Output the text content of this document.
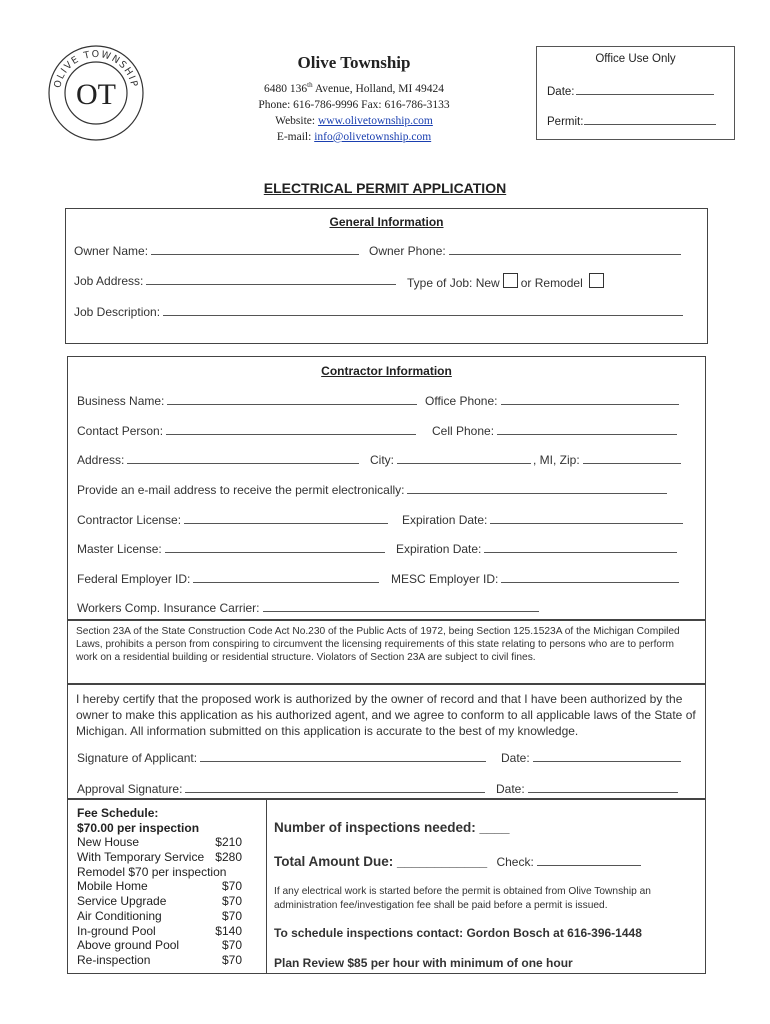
OLIVE TOWNSHIP
OT
Olive Township
6480 136th Avenue, Holland, MI 49424
Phone: 616-786-9996 Fax: 616-786-3133
Website: www.olivetownship.com
E-mail: info@olivetownship.com
Office Use Only
Date:
Permit:
ELECTRICAL PERMIT APPLICATION
General Information
Owner Name:	Owner Phone:
Job Address:	Type of Job: New or Remodel
Job Description:
Contractor Information
Business Name:	Office Phone:
Contact Person:	Cell Phone:
Address:	City:	, MI, Zip:
Provide an e-mail address to receive the permit electronically:
Contractor License:	Expiration Date:
Master License:	Expiration Date:
Federal Employer ID:	MESC Employer ID:
Workers Comp. Insurance Carrier:
Section 23A of the State Construction Code Act No.230 of the Public Acts of 1972, being Section 125.1523A of the Michigan Compiled Laws, prohibits a person from conspiring to circumvent the licensing requirements of this state relating to persons who are to perform work on a residential building or residential structure. Violators of Section 23A are subject to civil fines.
I hereby certify that the proposed work is authorized by the owner of record and that I have been authorized by the owner to make this application as his authorized agent, and we agree to conform to all applicable laws of the State of Michigan. All information submitted on this application is accurate to the best of my knowledge.
Signature of Applicant:	Date:
Approval Signature:	Date:
Fee Schedule:
$70.00 per inspection
New House	$210
With Temporary Service $280
Remodel $70 per inspection
Mobile Home	$70
Service Upgrade	$70
Air Conditioning	$70
In-ground Pool	$140
Above ground Pool	$70
Re-inspection	$70
Number of inspections needed: ____
Total Amount Due: ____________ Check:
If any electrical work is started before the permit is obtained from Olive Township an administration fee/investigation fee shall be paid before a permit is issued.
To schedule inspections contact: Gordon Bosch at 616-396-1448
Plan Review $85 per hour with minimum of one hour
